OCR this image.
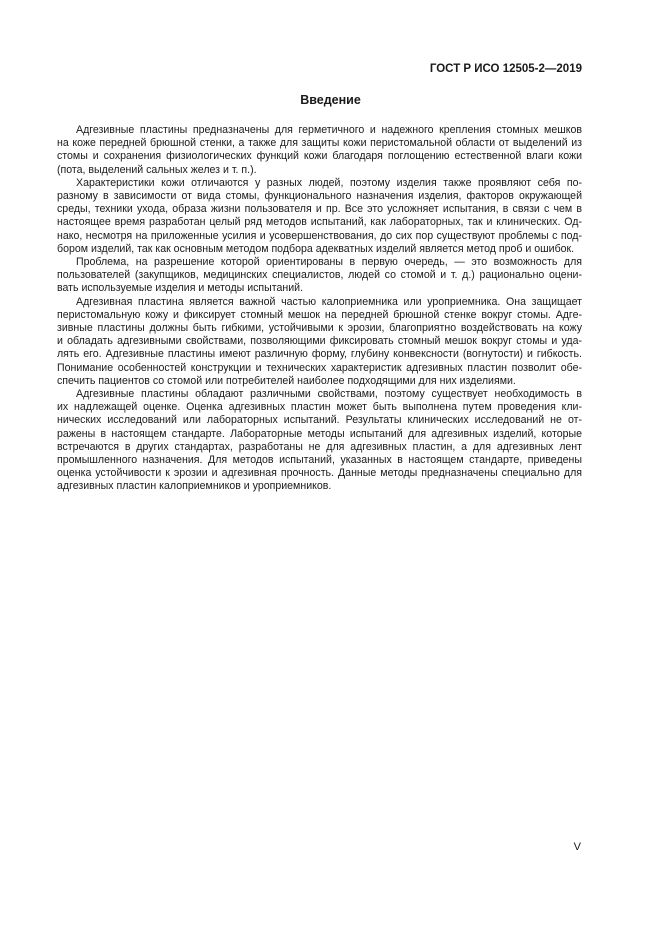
ГОСТ Р ИСО 12505-2—2019
Введение
Адгезивные пластины предназначены для герметичного и надежного крепления стомных мешков
на коже передней брюшной стенки, а также для защиты кожи перистомальной области от выделений из
стомы и сохранения физиологических функций кожи благодаря поглощению естественной влаги кожи
(пота, выделений сальных желез и т. п.).
Характеристики кожи отличаются у разных людей, поэтому изделия также проявляют себя по-
разному в зависимости от вида стомы, функционального назначения изделия, факторов окружающей
среды, техники ухода, образа жизни пользователя и пр. Все это усложняет испытания, в связи с чем в
настоящее время разработан целый ряд методов испытаний, как лабораторных, так и клинических. Од-
нако, несмотря на приложенные усилия и усовершенствования, до сих пор существуют проблемы с под-
бором изделий, так как основным методом подбора адекватных изделий является метод проб и ошибок.
Проблема, на разрешение которой ориентированы в первую очередь, — это возможность для
пользователей (закупщиков, медицинских специалистов, людей со стомой и т. д.) рационально оцени-
вать используемые изделия и методы испытаний.
Адгезивная пластина является важной частью калоприемника или уроприемника. Она защищает
перистомальную кожу и фиксирует стомный мешок на передней брюшной стенке вокруг стомы. Адге-
зивные пластины должны быть гибкими, устойчивыми к эрозии, благоприятно воздействовать на кожу
и обладать адгезивными свойствами, позволяющими фиксировать стомный мешок вокруг стомы и уда-
лять его. Адгезивные пластины имеют различную форму, глубину конвексности (вогнутости) и гибкость.
Понимание особенностей конструкции и технических характеристик адгезивных пластин позволит обе-
спечить пациентов со стомой или потребителей наиболее подходящими для них изделиями.
Адгезивные пластины обладают различными свойствами, поэтому существует необходимость в
их надлежащей оценке. Оценка адгезивных пластин может быть выполнена путем проведения кли-
нических исследований или лабораторных испытаний. Результаты клинических исследований не от-
ражены в настоящем стандарте. Лабораторные методы испытаний для адгезивных изделий, которые
встречаются в других стандартах, разработаны не для адгезивных пластин, а для адгезивных лент
промышленного назначения. Для методов испытаний, указанных в настоящем стандарте, приведены
оценка устойчивости к эрозии и адгезивная прочность. Данные методы предназначены специально для
адгезивных пластин калоприемников и уроприемников.
V
